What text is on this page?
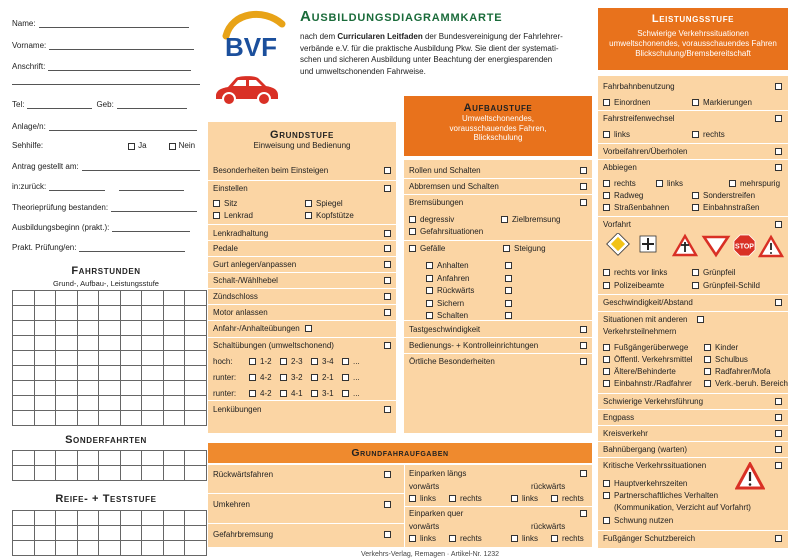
Name:
Vorname:
Anschrift:
Tel:	Geb:
Anlage/n:
Sehhilfe:	Ja	Nein
Antrag gestellt am:
in:zurück:
Theorieprüfung bestanden:
Ausbildungsbeginn (prakt.):
Prakt. Prüfung/en:
Fahrstunden
Grund-, Aufbau-, Leistungsstufe

Sonderfahrten

Reife- + Teststufe

BVF
Ausbildungsdiagrammkarte
nach dem Curricularen Leitfaden der Bundesvereinigung der Fahrlehrer-
verbände e.V. für die praktische Ausbildung Pkw. Sie dient der systemati-
schen und sicheren Ausbildung unter Beachtung der energiesparenden
und umweltschonenden Fahrweise.
Grundstufe
Einweisung und Bedienung
Besonderheiten beim Einsteigen
Einstellen
Lenkradhaltung
Pedale
Gurt anlegen/anpassen
Schalt-/Wählhebel
Zündschloss
Motor anlassen
Anfahr-/Anhalteübungen
Schaltübungen (umweltschonend)
Lenkübungen
Sitz	Spiegel
Lenkrad	Kopfstütze
hoch:	1-2 2-3 3-4 ...
runter:	4-2 3-2 2-1 ...
runter:	4-2 4-1 3-1 ...
Aufbaustufe
Umweltschonendes,
vorausschauendes Fahren,
Blickschulung
Rollen und Schalten
Abbremsen und Schalten
Bremsübungen
Tastgeschwindigkeit
Bedienungs- + Kontrolleinrichtungen
Örtliche Besonderheiten
degressiv	Zielbremsung
Gefahrsituationen
Gefälle	Steigung
Anhalten
Anfahren
Rückwärts
Sichern
Schalten
Grundfahraufgaben
Rückwärtsfahren
Umkehren
Gefahrbremsung
Einparken längs
vorwärts	rückwärts
links	rechts	links	rechts
Einparken quer
vorwärts	rückwärts
links	rechts	links	rechts
Leistungsstufe
Schwierige Verkehrssituationen
umweltschonendes, vorausschauendes Fahren
Blickschulung/Bremsbereitschaft
Fahrbahnbenutzung
Einordnen	Markierungen
Fahrstreifenwechsel
links	rechts
Vorbeifahren/Überholen
Abbiegen
rechts	links	mehrspurig
Radweg	Sonderstreifen
Straßenbahnen	Einbahnstraßen
Vorfahrt
rechts vor links	Grünpfeil
Polizeibeamte	Grünpfeil-Schild
Geschwindigkeit/Abstand
Situationen mit anderen
Verkehrsteilnehmern
Fußgängerüberwege	Kinder
Öffentl. Verkehrsmittel	Schulbus
Ältere/Behinderte	Radfahrer/Mofa
Einbahnstr./Radfahrer	Verk.-beruh. Bereich
Schwierige Verkehrsführung
Engpass
Kreisverkehr
Bahnübergang (warten)
Kritische Verkehrssituationen
Hauptverkehrszeiten
Partnerschaftliches Verhalten
(Kommunikation, Verzicht auf Vorfahrt)
Schwung nutzen
Fußgänger Schutzbereich
STOP
Verkehrs-Verlag, Remagen · Artikel-Nr. 1232
